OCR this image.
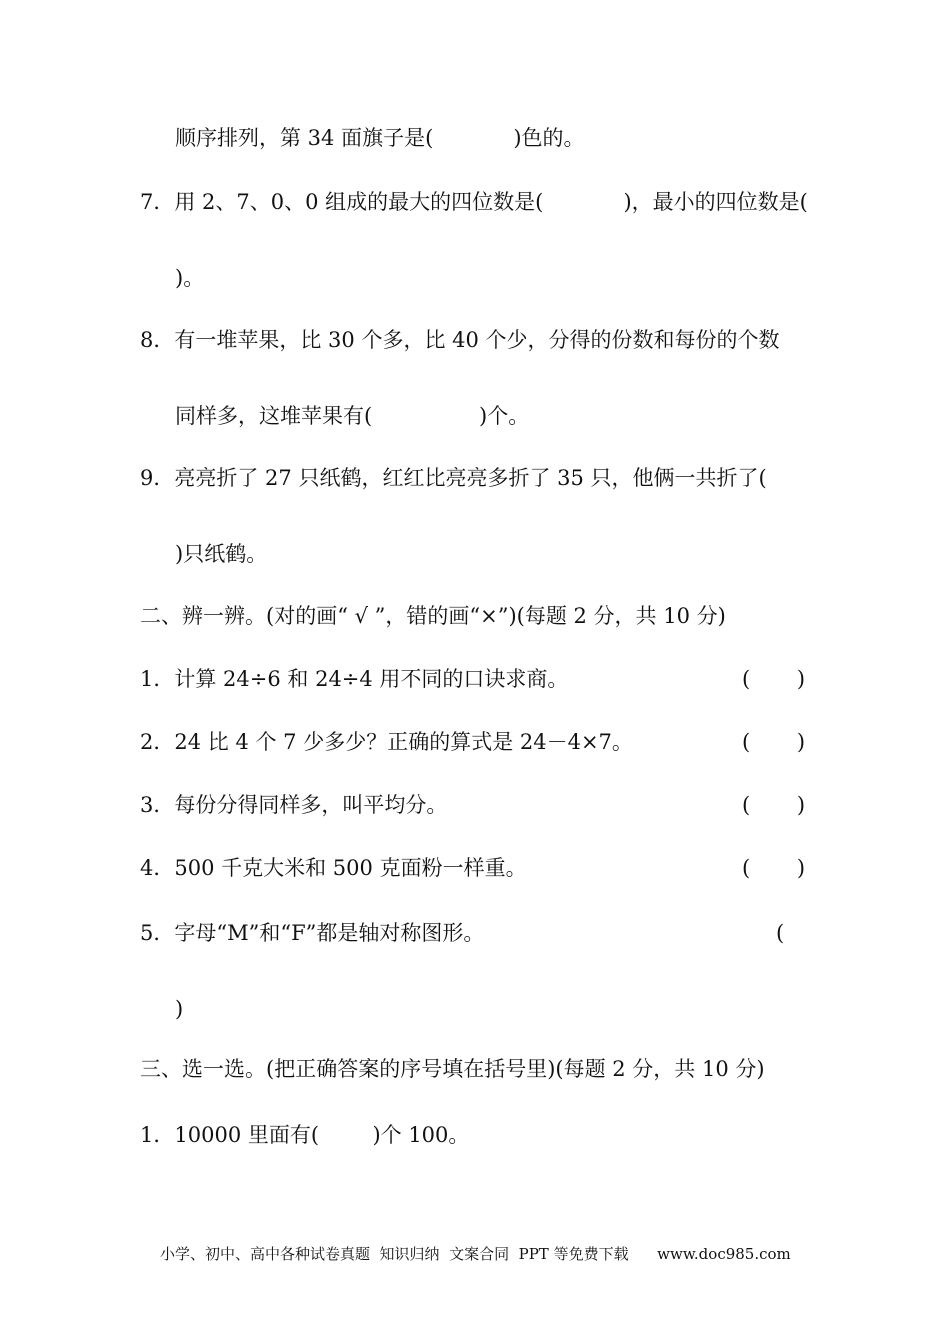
顺序排列，第 34 面旗子是(            )色的。
7．用 2、7、0、0 组成的最大的四位数是(            )，最小的四位数是(
)。
8．有一堆苹果，比 30 个多，比 40 个少，分得的份数和每份的个数
同样多，这堆苹果有(                )个。
9．亮亮折了 27 只纸鹤，红红比亮亮多折了 35 只，他俩一共折了(
)只纸鹤。
二、辨一辨。(对的画“ √ ”，错的画“×”)(每题 2 分，共 10 分)
1．计算 24÷6 和 24÷4 用不同的口诀求商。	(       )
2．24 比 4 个 7 少多少？正确的算式是 24－4×7。	(       )
3．每份分得同样多，叫平均分。	(       )
4．500 千克大米和 500 克面粉一样重。	(       )
5．字母“M”和“F”都是轴对称图形。	(
)
三、选一选。(把正确答案的序号填在括号里)(每题 2 分，共 10 分)
1．10000 里面有(        )个 100。
小学、初中、高中各种试卷真题  知识归纳  文案合同  PPT 等免费下载      www.doc985.com
